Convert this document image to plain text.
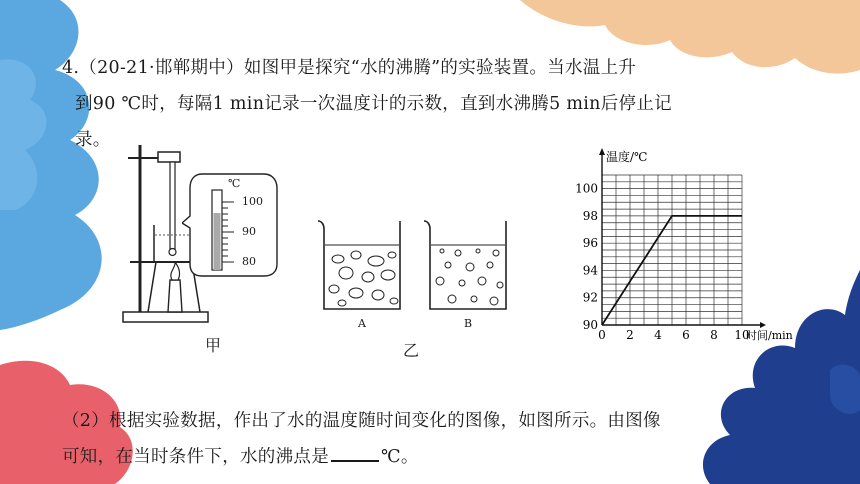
4.（20-21·邯郸期中）如图甲是探究“水的沸腾”的实验装置。当水温上升

到90 ℃时，每隔1 min记录一次温度计的示数，直到水沸腾5 min后停止记

录。

℃
100
90
80
甲
A	B
乙
0 2 4 6 8 10
90
92
94
96
98
100
温度/℃
时间/min

（2）根据实验数据，作出了水的温度随时间变化的图像，如图所示。由图像

可知，在当时条件下，水的沸点是	℃。
